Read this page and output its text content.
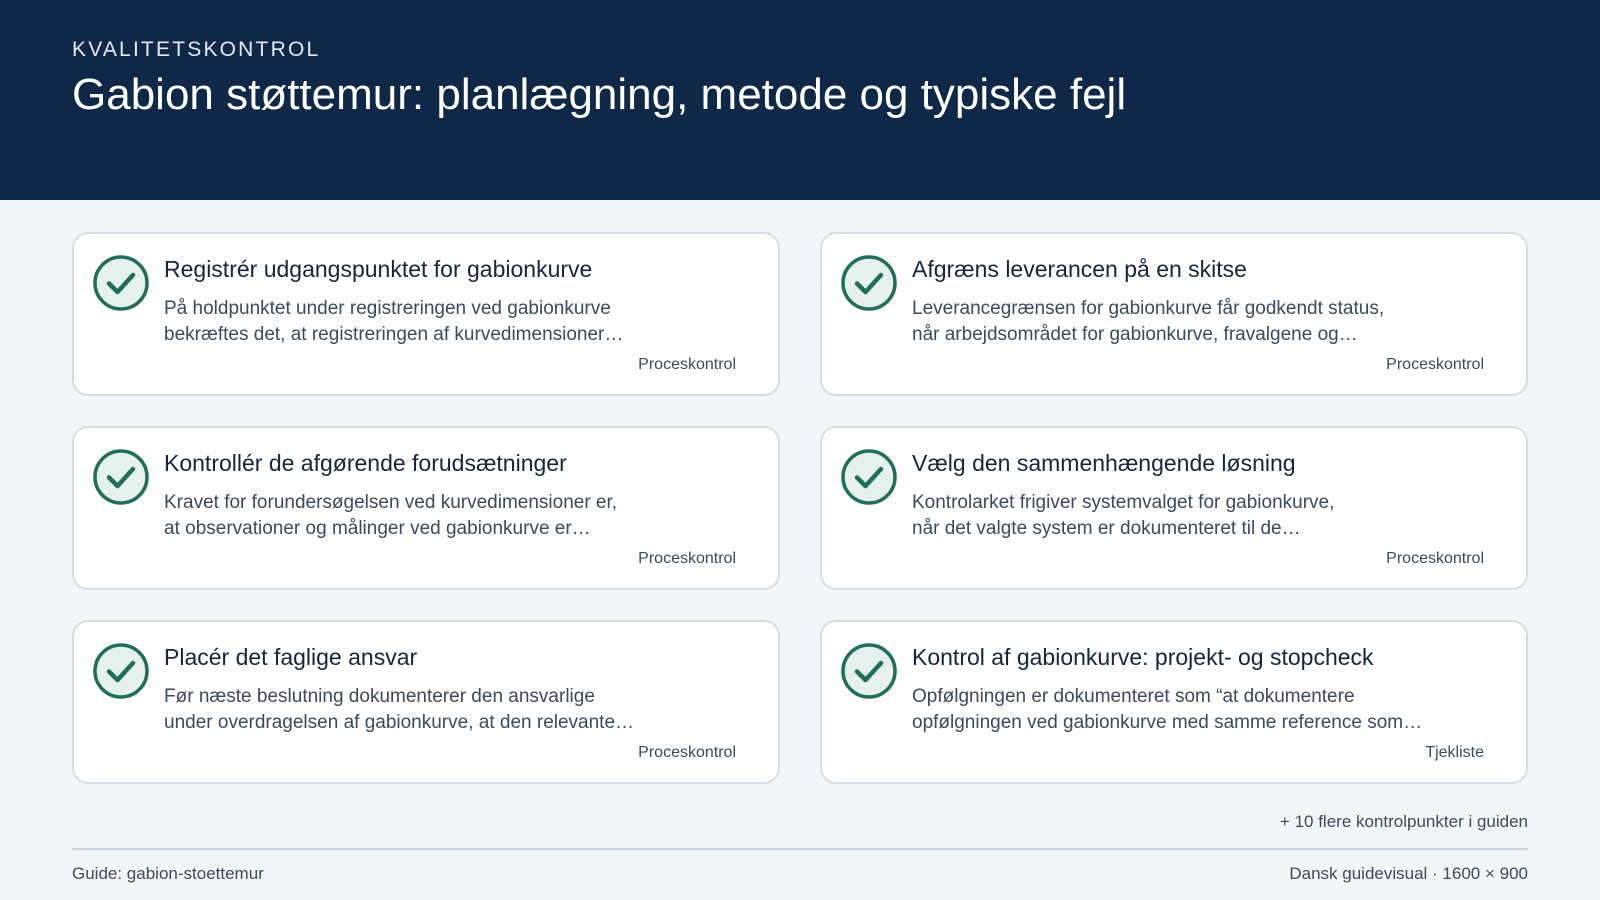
KVALITETSKONTROL
Gabion støttemur: planlægning, metode og typiske fejl
Registrér udgangspunktet for gabionkurve
På holdpunktet under registreringen ved gabionkurve
bekræftes det, at registreringen af kurvedimensioner…
Proceskontrol
Afgræns leverancen på en skitse
Leverancegrænsen for gabionkurve får godkendt status,
når arbejdsområdet for gabionkurve, fravalgene og…
Proceskontrol
Kontrollér de afgørende forudsætninger
Kravet for forundersøgelsen ved kurvedimensioner er,
at observationer og målinger ved gabionkurve er…
Proceskontrol
Vælg den sammenhængende løsning
Kontrolarket frigiver systemvalget for gabionkurve,
når det valgte system er dokumenteret til de…
Proceskontrol
Placér det faglige ansvar
Før næste beslutning dokumenterer den ansvarlige
under overdragelsen af gabionkurve, at den relevante…
Proceskontrol
Kontrol af gabionkurve: projekt- og stopcheck
Opfølgningen er dokumenteret som “at dokumentere
opfølgningen ved gabionkurve med samme reference som…
Tjekliste
+ 10 flere kontrolpunkter i guiden
Guide: gabion-stoettemur	Dansk guidevisual · 1600 × 900
